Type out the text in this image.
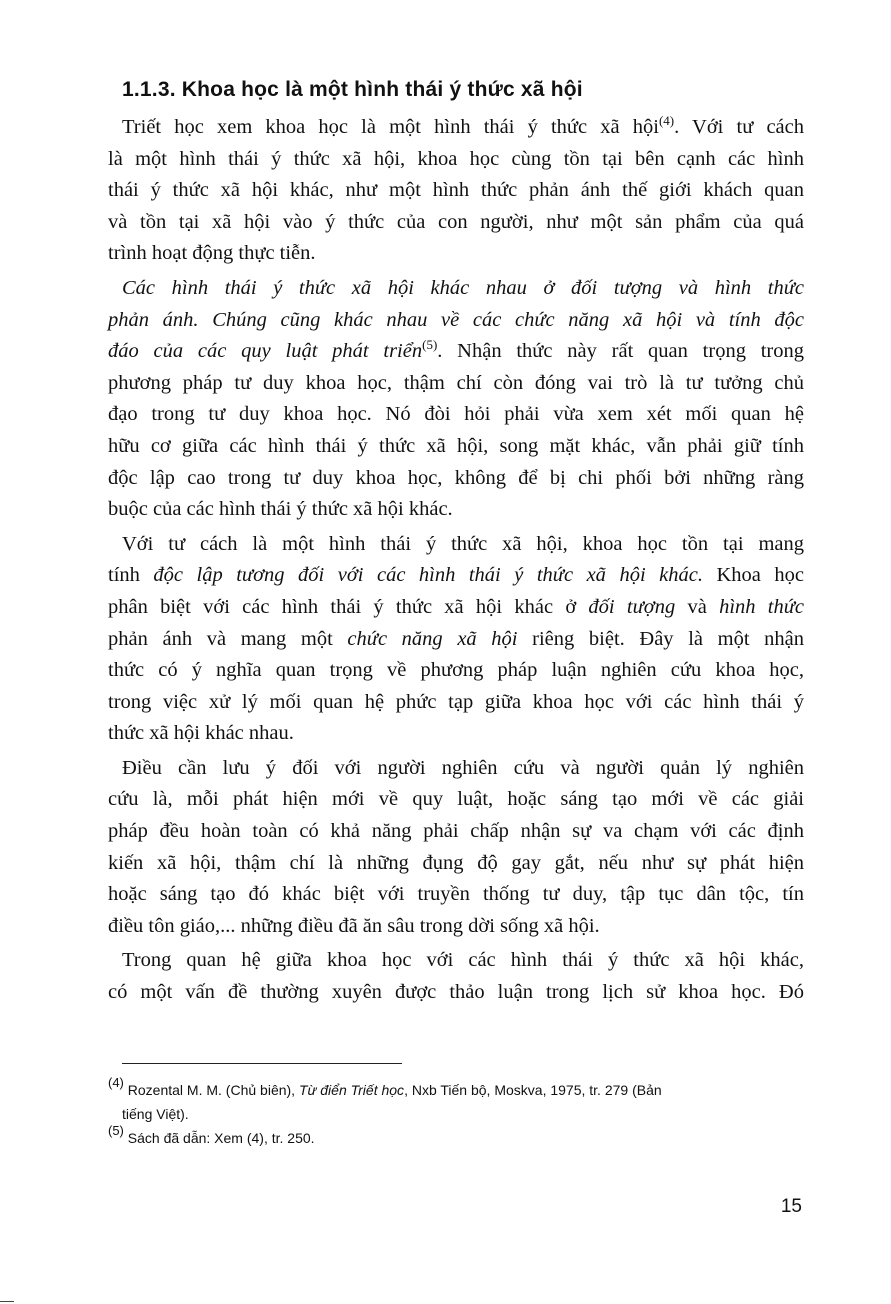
1.1.3. Khoa học là một hình thái ý thức xã hội
Triết học xem khoa học là một hình thái ý thức xã hội$^{(4)}$. Với tư cách
là một hình thái ý thức xã hội, khoa học cùng tồn tại bên cạnh các hình
thái ý thức xã hội khác, như một hình thức phản ánh thế giới khách quan
và tồn tại xã hội vào ý thức của con người, như một sản phẩm của quá
trình hoạt động thực tiễn.
Các hình thái ý thức xã hội khác nhau ở đối tượng và hình thức
phản ánh. Chúng cũng khác nhau về các chức năng xã hội và tính độc
đáo của các quy luật phát triển$^{(5)}$. Nhận thức này rất quan trọng trong
phương pháp tư duy khoa học, thậm chí còn đóng vai trò là tư tưởng chủ
đạo trong tư duy khoa học. Nó đòi hỏi phải vừa xem xét mối quan hệ
hữu cơ giữa các hình thái ý thức xã hội, song mặt khác, vẫn phải giữ tính
độc lập cao trong tư duy khoa học, không để bị chi phối bởi những ràng
buộc của các hình thái ý thức xã hội khác.
Với tư cách là một hình thái ý thức xã hội, khoa học tồn tại mang
tính độc lập tương đối với các hình thái ý thức xã hội khác. Khoa học
phân biệt với các hình thái ý thức xã hội khác ở đối tượng và hình thức
phản ánh và mang một chức năng xã hội riêng biệt. Đây là một nhận
thức có ý nghĩa quan trọng về phương pháp luận nghiên cứu khoa học,
trong việc xử lý mối quan hệ phức tạp giữa khoa học với các hình thái ý
thức xã hội khác nhau.
Điều cần lưu ý đối với người nghiên cứu và người quản lý nghiên
cứu là, mỗi phát hiện mới về quy luật, hoặc sáng tạo mới về các giải
pháp đều hoàn toàn có khả năng phải chấp nhận sự va chạm với các định
kiến xã hội, thậm chí là những đụng độ gay gắt, nếu như sự phát hiện
hoặc sáng tạo đó khác biệt với truyền thống tư duy, tập tục dân tộc, tín
điều tôn giáo,... những điều đã ăn sâu trong dời sống xã hội.
Trong quan hệ giữa khoa học với các hình thái ý thức xã hội khác,
có một vấn đề thường xuyên được thảo luận trong lịch sử khoa học. Đó

$^{(4)}$ Rozental M. M. (Chủ biên), Từ điển Triết học, Nxb Tiến bộ, Moskva, 1975, tr. 279 (Bản

tiếng Việt).

$^{(5)}$ Sách đã dẫn: Xem (4), tr. 250.

15
